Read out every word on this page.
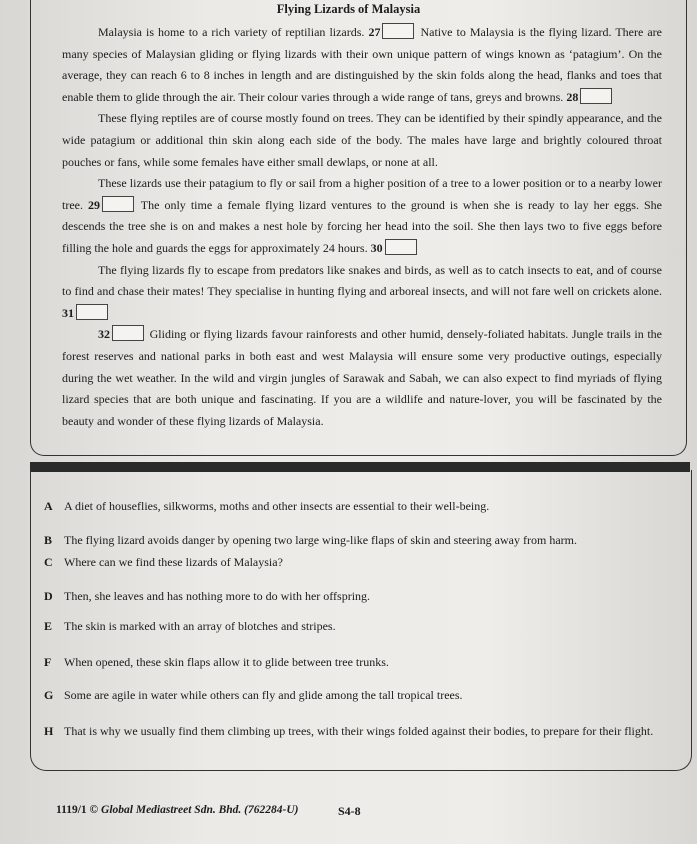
Flying Lizards of Malaysia

Malaysia is home to a rich variety of reptilian lizards. 27	Native to Malaysia is the flying lizard. There are many species of Malaysian gliding or flying lizards with their own unique pattern of wings known as ‘patagium’. On the average, they can reach 6 to 8 inches in length and are distinguished by the skin folds along the head, flanks and toes that enable them to glide through the air. Their colour varies through a wide range of tans, greys and browns. 28

These flying reptiles are of course mostly found on trees. They can be identified by their spindly appearance, and the wide patagium or additional thin skin along each side of the body. The males have large and brightly coloured throat pouches or fans, while some females have either small dewlaps, or none at all.

These lizards use their patagium to fly or sail from a higher position of a tree to a lower position or to a nearby lower tree. 29	The only time a female flying lizard ventures to the ground is when she is ready to lay her eggs. She descends the tree she is on and makes a nest hole by forcing her head into the soil. She then lays two to five eggs before filling the hole and guards the eggs for approximately 24 hours. 30

The flying lizards fly to escape from predators like snakes and birds, as well as to catch insects to eat, and of course to find and chase their mates! They specialise in hunting flying and arboreal insects, and will not fare well on crickets alone. 31

32	Gliding or flying lizards favour rainforests and other humid, densely-foliated habitats. Jungle trails in the forest reserves and national parks in both east and west Malaysia will ensure some very productive outings, especially during the wet weather. In the wild and virgin jungles of Sarawak and Sabah, we can also expect to find myriads of flying lizard species that are both unique and fascinating. If you are a wildlife and nature-lover, you will be fascinated by the beauty and wonder of these flying lizards of Malaysia.

A A diet of houseflies, silkworms, moths and other insects are essential to their well-being.
B The flying lizard avoids danger by opening two large wing-like flaps of skin and steering away from harm.
C Where can we find these lizards of Malaysia?
D Then, she leaves and has nothing more to do with her offspring.
E The skin is marked with an array of blotches and stripes.
F When opened, these skin flaps allow it to glide between tree trunks.
G Some are agile in water while others can fly and glide among the tall tropical trees.
H That is why we usually find them climbing up trees, with their wings folded against their bodies, to prepare for their flight.
1119/1 © Global Mediastreet Sdn. Bhd. (762284-U)	S4-8
